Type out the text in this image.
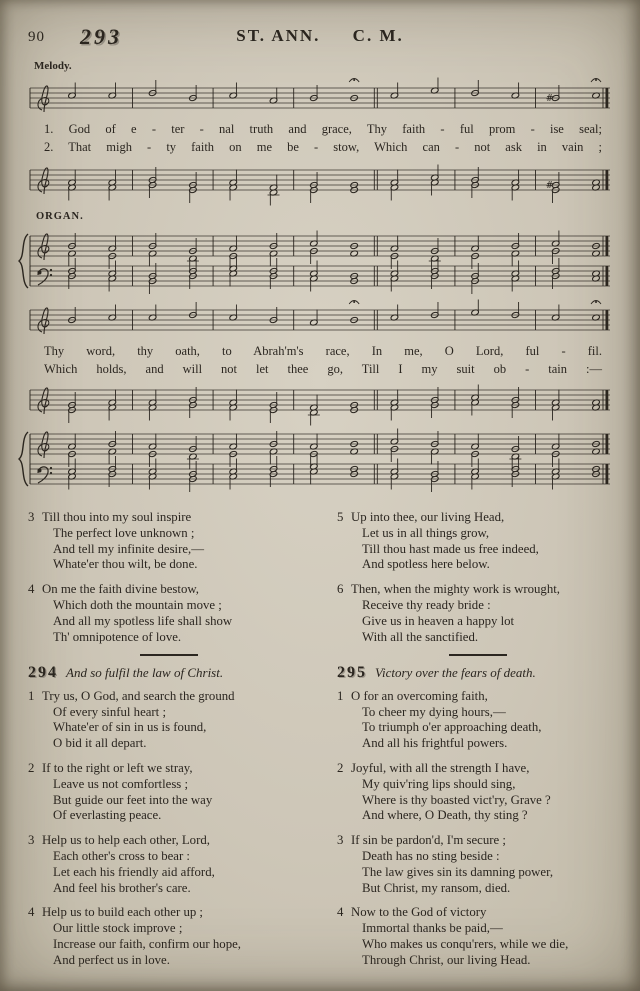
90 293	ST. ANN. C. M.
Melody.
ORGAN.
#
#
1. God of e - ter - nal truth and grace, Thy faith - ful prom - ise seal;
2. That migh - ty faith on me be - stow, Which can - not ask in vain ;
Thy word, thy oath, to Abrah'm's race, In me, O Lord, ful - fil.
Which holds, and will not let thee go, Till I my suit ob - tain :—
3 Till thou into my soul inspire
The perfect love unknown ;
And tell my infinite desire,—
Whate'er thou wilt, be done.
4 On me the faith divine bestow,
Which doth the mountain move ;
And all my spotless life shall show
Th' omnipotence of love.
294 And so fulfil the law of Christ.
1 Try us, O God, and search the ground
Of every sinful heart ;
Whate'er of sin in us is found,
O bid it all depart.
2 If to the right or left we stray,
Leave us not comfortless ;
But guide our feet into the way
Of everlasting peace.
3 Help us to help each other, Lord,
Each other's cross to bear :
Let each his friendly aid afford,
And feel his brother's care.
4 Help us to build each other up ;
Our little stock improve ;
Increase our faith, confirm our hope,
And perfect us in love.
5 Up into thee, our living Head,
Let us in all things grow,
Till thou hast made us free indeed,
And spotless here below.
6 Then, when the mighty work is wrought,
Receive thy ready bride :
Give us in heaven a happy lot
With all the sanctified.
295 Victory over the fears of death.
1 O for an overcoming faith,
To cheer my dying hours,—
To triumph o'er approaching death,
And all his frightful powers.
2 Joyful, with all the strength I have,
My quiv'ring lips should sing,
Where is thy boasted vict'ry, Grave ?
And where, O Death, thy sting ?
3 If sin be pardon'd, I'm secure ;
Death has no sting beside :
The law gives sin its damning power,
But Christ, my ransom, died.
4 Now to the God of victory
Immortal thanks be paid,—
Who makes us conqu'rers, while we die,
Through Christ, our living Head.
